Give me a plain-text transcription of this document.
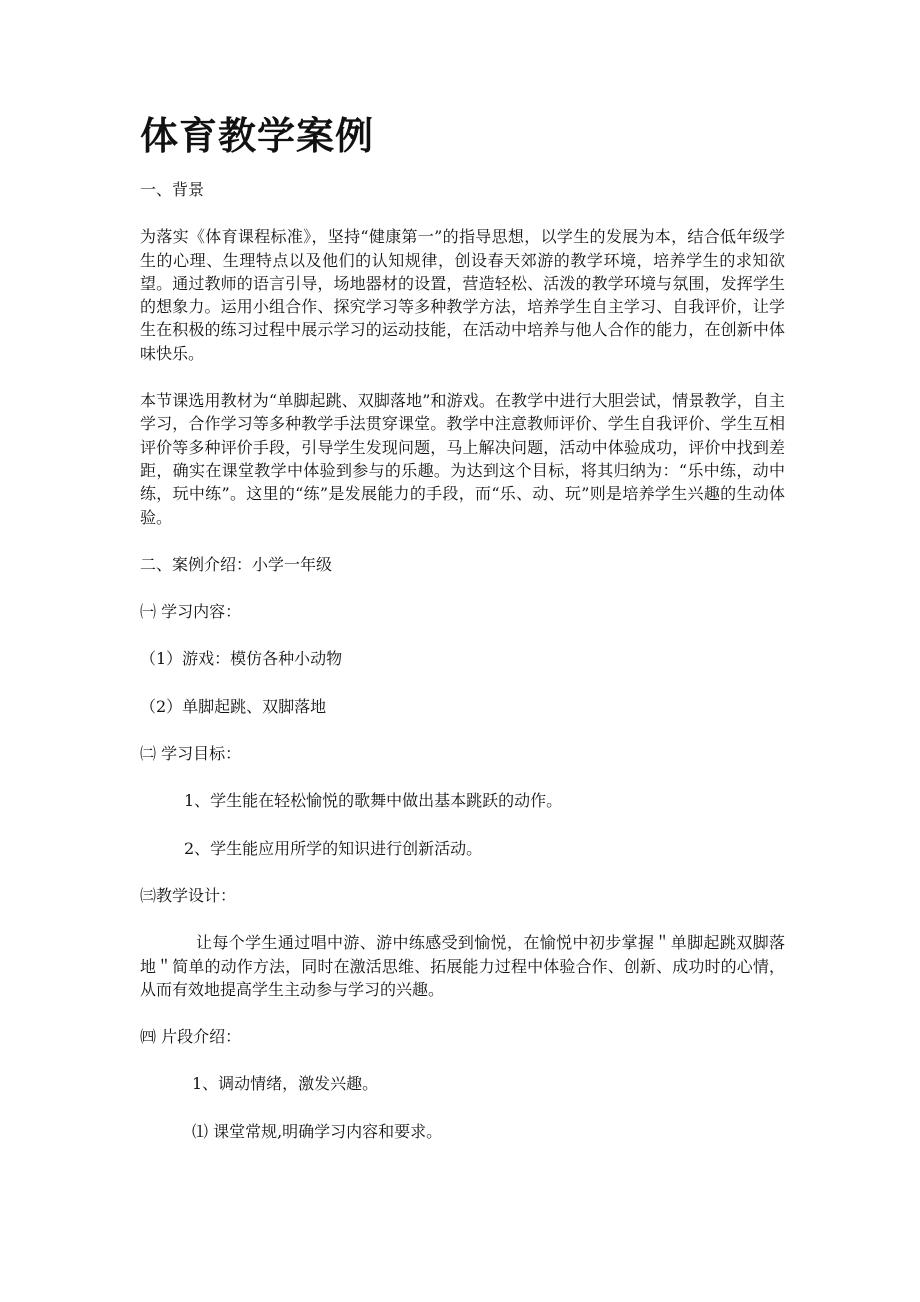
体育教学案例

一、背景

为落实《体育课程标准》，坚持“健康第一”的指导思想，以学生的发展为本，结合低年级学生的心理、生理特点以及他们的认知规律，创设春天郊游的教学环境，培养学生的求知欲望。通过教师的语言引导，场地器材的设置，营造轻松、活泼的教学环境与氛围，发挥学生的想象力。运用小组合作、探究学习等多种教学方法，培养学生自主学习、自我评价，让学生在积极的练习过程中展示学习的运动技能，在活动中培养与他人合作的能力，在创新中体味快乐。

本节课选用教材为“单脚起跳、双脚落地”和游戏。在教学中进行大胆尝试，情景教学，自主学习，合作学习等多种教学手法贯穿课堂。教学中注意教师评价、学生自我评价、学生互相评价等多种评价手段，引导学生发现问题，马上解决问题，活动中体验成功，评价中找到差距，确实在课堂教学中体验到参与的乐趣。为达到这个目标，将其归纳为：“乐中练，动中练，玩中练”。这里的“练”是发展能力的手段，而“乐、动、玩”则是培养学生兴趣的生动体验。

二、案例介绍：小学一年级

㈠ 学习内容：

（1）游戏：模仿各种小动物

（2）单脚起跳、双脚落地

㈡ 学习目标：

1、学生能在轻松愉悦的歌舞中做出基本跳跃的动作。

2、学生能应用所学的知识进行创新活动。

㈢教学设计：

让每个学生通过唱中游、游中练感受到愉悦，在愉悦中初步掌握＂单脚起跳双脚落地＂简单的动作方法，同时在激活思维、拓展能力过程中体验合作、创新、成功时的心情，从而有效地提高学生主动参与学习的兴趣。

㈣ 片段介绍：

1、调动情绪，激发兴趣。

⑴ 课堂常规,明确学习内容和要求。
